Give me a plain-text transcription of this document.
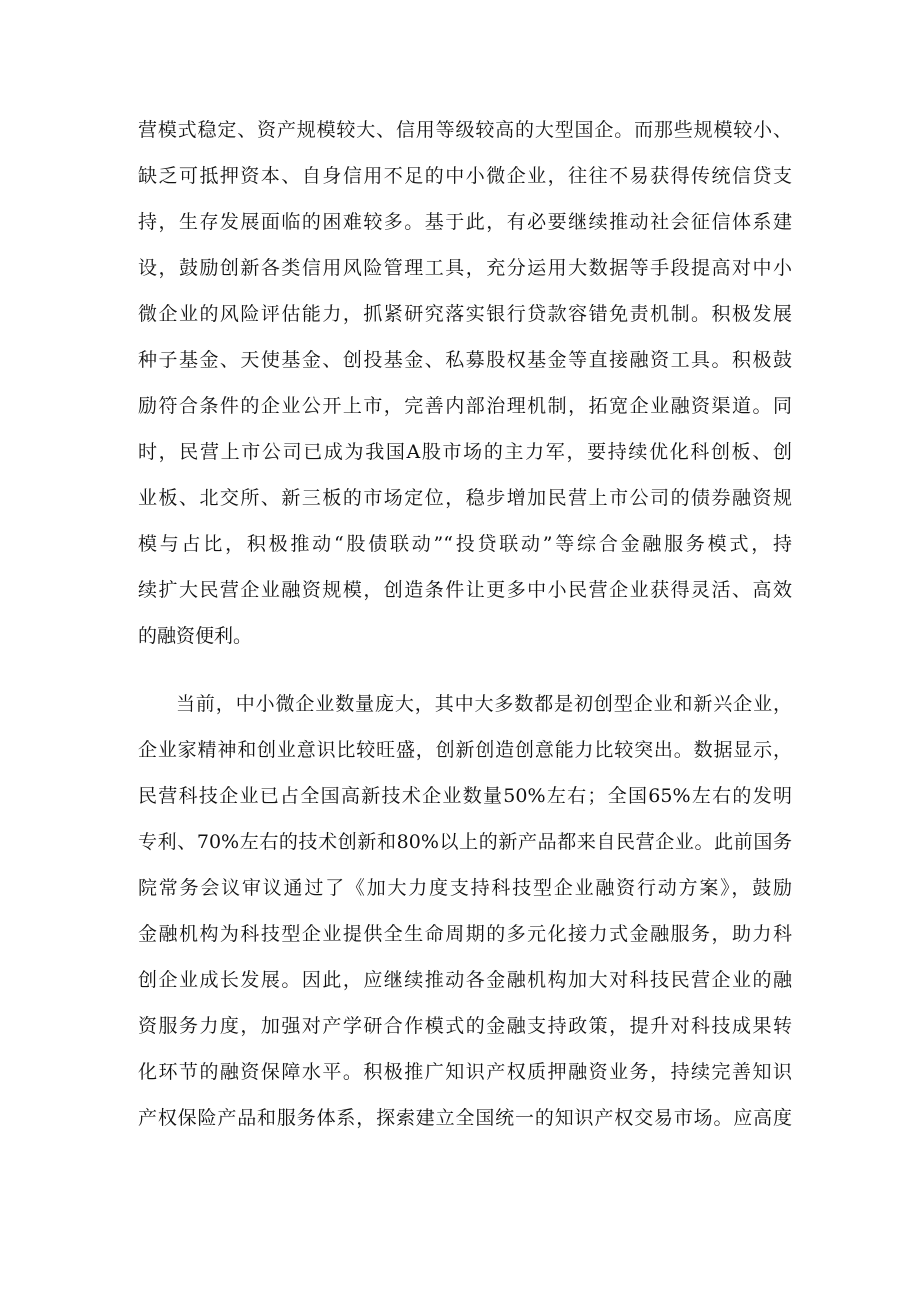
营模式稳定、资产规模较大、信用等级较高的大型国企。而那些规模较小、
缺乏可抵押资本、自身信用不足的中小微企业，往往不易获得传统信贷支
持，生存发展面临的困难较多。基于此，有必要继续推动社会征信体系建
设，鼓励创新各类信用风险管理工具，充分运用大数据等手段提高对中小
微企业的风险评估能力，抓紧研究落实银行贷款容错免责机制。积极发展
种子基金、天使基金、创投基金、私募股权基金等直接融资工具。积极鼓
励符合条件的企业公开上市，完善内部治理机制，拓宽企业融资渠道。同
时，民营上市公司已成为我国A股市场的主力军，要持续优化科创板、创
业板、北交所、新三板的市场定位，稳步增加民营上市公司的债券融资规
模与占比，积极推动“股债联动”“投贷联动”等综合金融服务模式，持
续扩大民营企业融资规模，创造条件让更多中小民营企业获得灵活、高效
的融资便利。
当前，中小微企业数量庞大，其中大多数都是初创型企业和新兴企业，
企业家精神和创业意识比较旺盛，创新创造创意能力比较突出。数据显示，
民营科技企业已占全国高新技术企业数量50%左右；全国65%左右的发明
专利、70%左右的技术创新和80%以上的新产品都来自民营企业。此前国务
院常务会议审议通过了《加大力度支持科技型企业融资行动方案》，鼓励
金融机构为科技型企业提供全生命周期的多元化接力式金融服务，助力科
创企业成长发展。因此，应继续推动各金融机构加大对科技民营企业的融
资服务力度，加强对产学研合作模式的金融支持政策，提升对科技成果转
化环节的融资保障水平。积极推广知识产权质押融资业务，持续完善知识
产权保险产品和服务体系，探索建立全国统一的知识产权交易市场。应高度
